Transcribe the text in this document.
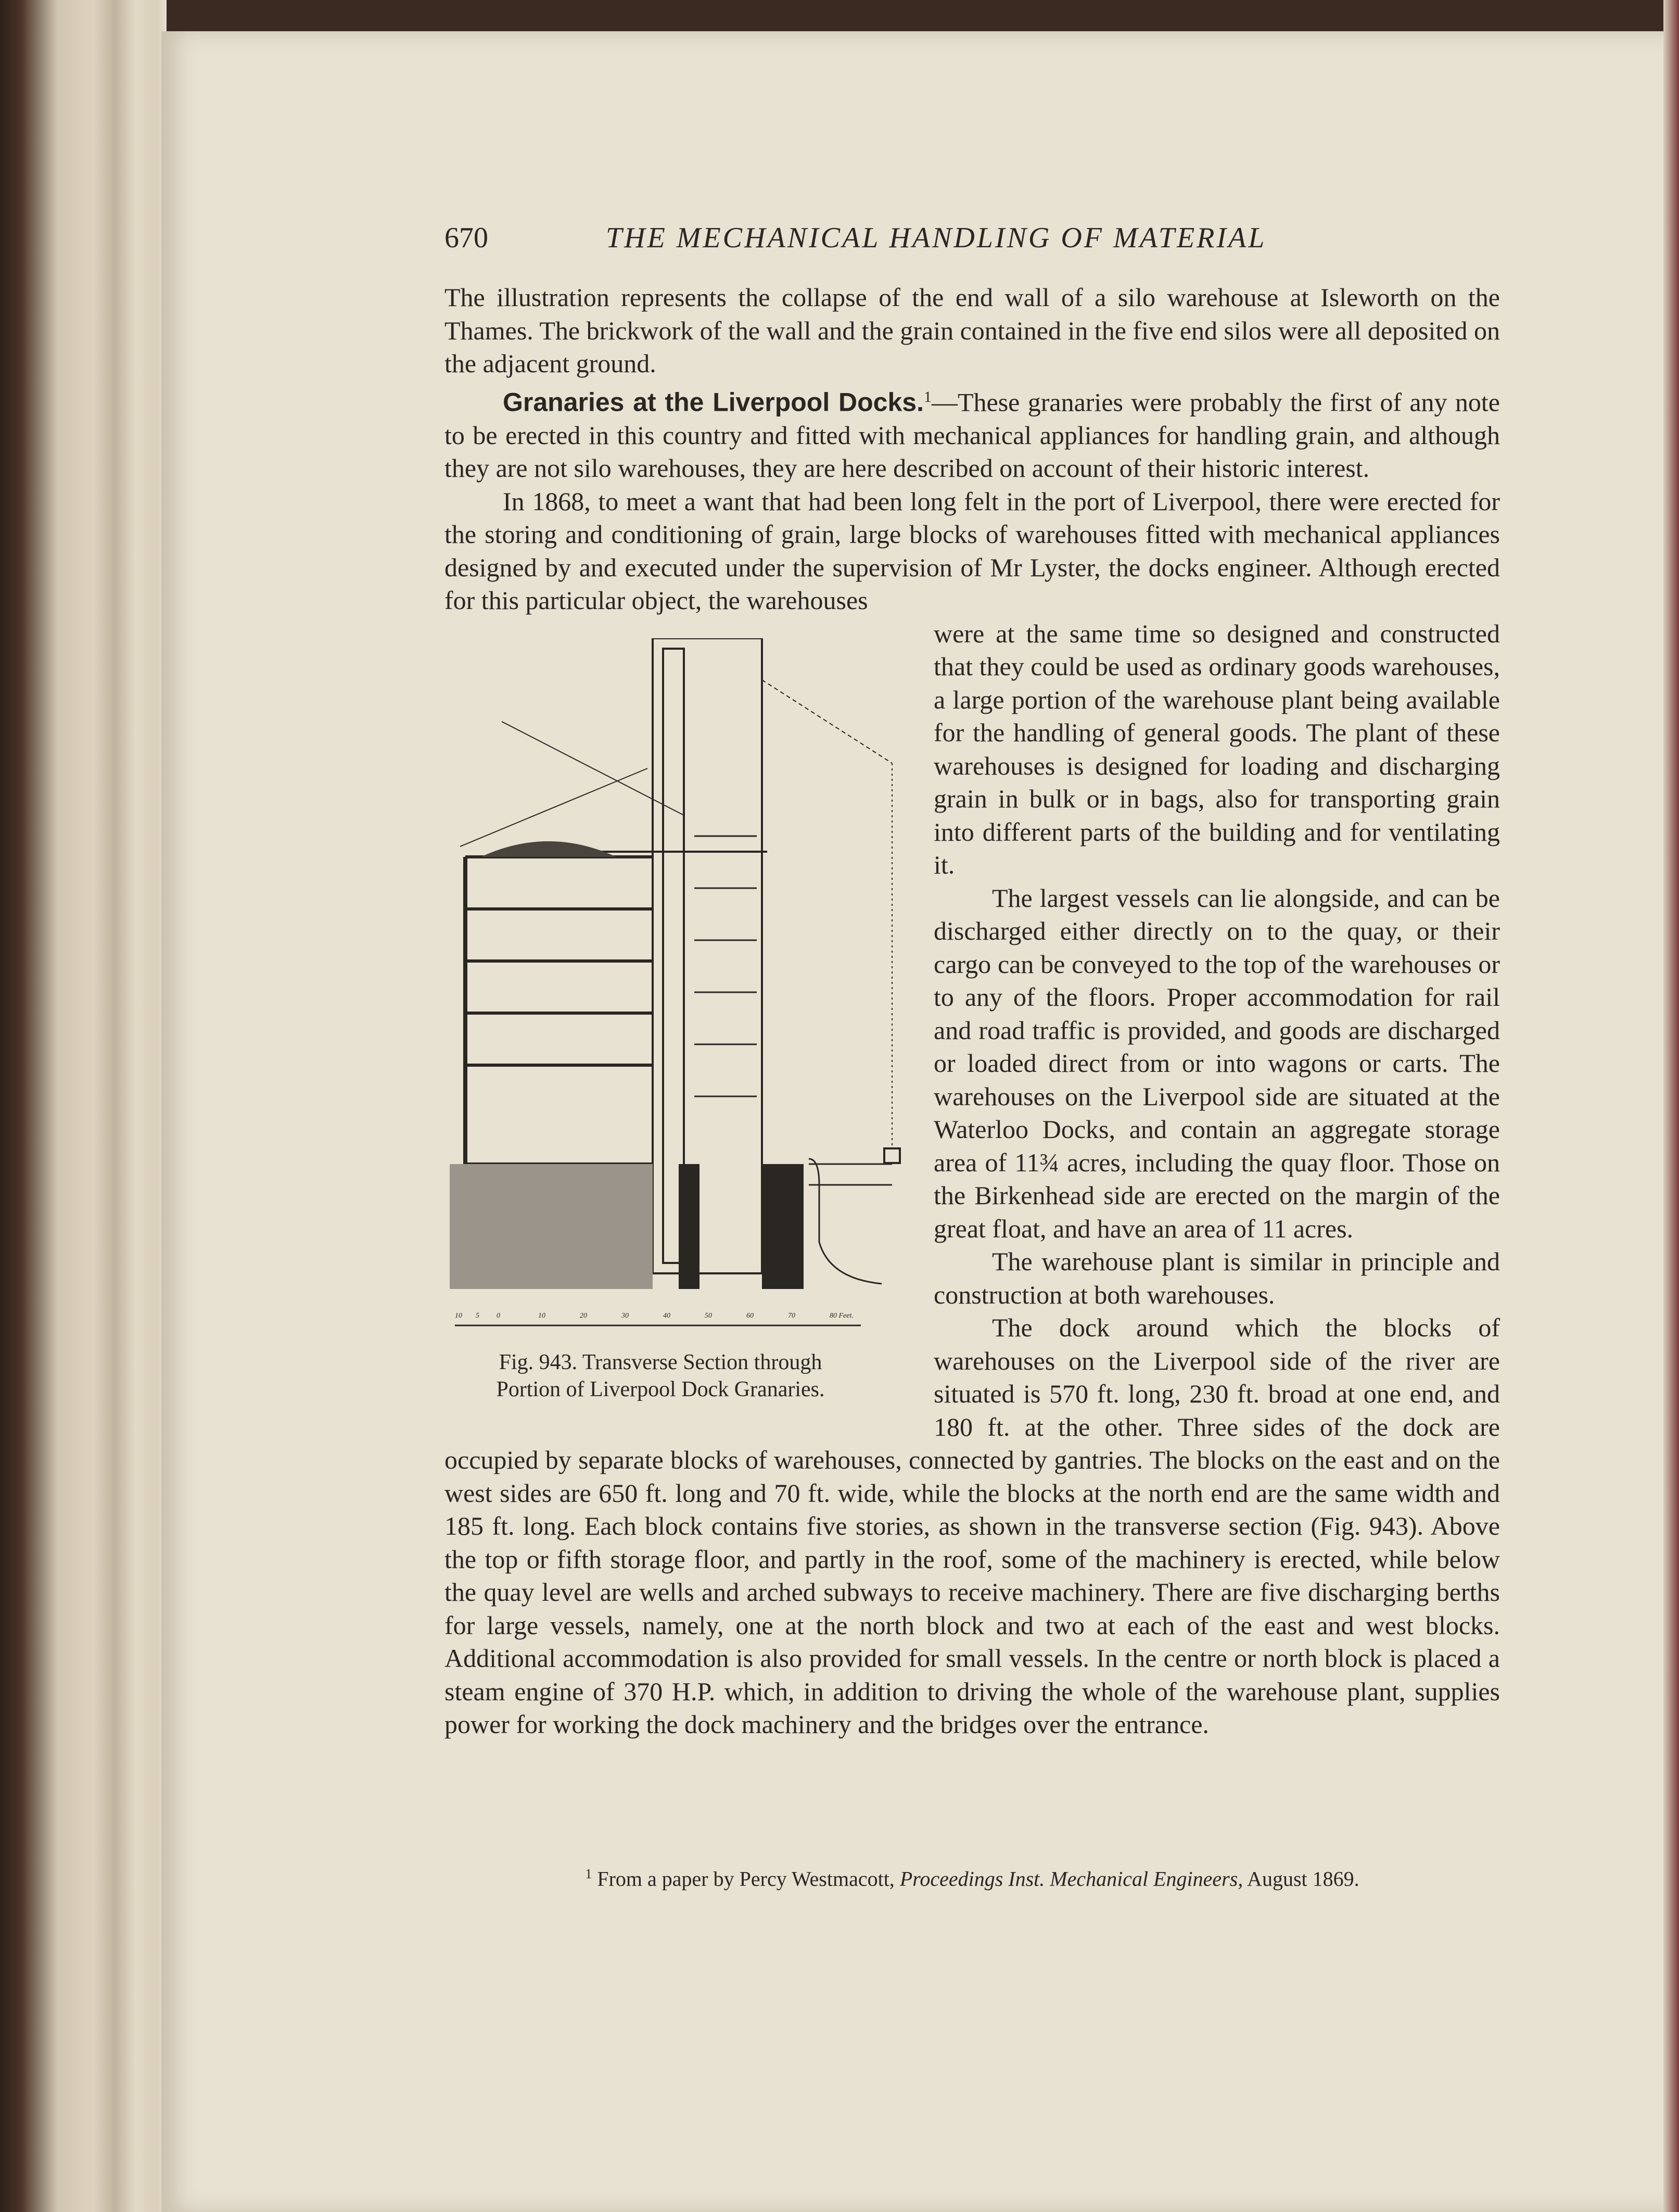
670	THE MECHANICAL HANDLING OF MATERIAL

The illustration represents the collapse of the end wall of a silo warehouse at Isleworth on the Thames. The brickwork of the wall and the grain contained in the five end silos were all deposited on the adjacent ground.

Granaries at the Liverpool Docks.$^1$—These granaries were probably the first of any note to be erected in this country and fitted with mechanical appliances for handling grain, and although they are not silo warehouses, they are here described on account of their historic interest.

In 1868, to meet a want that had been long felt in the port of Liverpool, there were erected for the storing and conditioning of grain, large blocks of warehouses fitted with mechanical appliances designed by and executed under the supervision of Mr Lyster, the docks engineer. Although erected for this particular object, the warehouses

10 5 0	10	20	30	40	50	60	70	80 Feet.
Fig. 943. Transverse Section through
Portion of Liverpool Dock Granaries.

were at the same time so designed and constructed that they could be used as ordinary goods warehouses, a large portion of the warehouse plant being available for the handling of general goods. The plant of these warehouses is designed for loading and discharging grain in bulk or in bags, also for transporting grain into different parts of the building and for ventilating it.

The largest vessels can lie alongside, and can be discharged either directly on to the quay, or their cargo can be conveyed to the top of the warehouses or to any of the floors. Proper accommodation for rail and road traffic is provided, and goods are discharged or loaded direct from or into wagons or carts. The warehouses on the Liverpool side are situated at the Waterloo Docks, and contain an aggregate storage area of 11¾ acres, including the quay floor. Those on the Birkenhead side are erected on the margin of the great float, and have an area of 11 acres.

The warehouse plant is similar in principle and construction at both warehouses.

The dock around which the blocks of warehouses on the Liverpool side of the river are situated is 570 ft. long, 230 ft. broad at one end, and 180 ft. at the other. Three sides of the dock are occupied by separate blocks of warehouses, connected by gantries. The blocks on the east and on the west sides are 650 ft. long and 70 ft. wide, while the blocks at the north end are the same width and 185 ft. long. Each block contains five stories, as shown in the transverse section (Fig. 943). Above the top or fifth storage floor, and partly in the roof, some of the machinery is erected, while below the quay level are wells and arched subways to receive machinery. There are five discharging berths for large vessels, namely, one at the north block and two at each of the east and west blocks. Additional accommodation is also provided for small vessels. In the centre or north block is placed a steam engine of 370 H.P. which, in addition to driving the whole of the warehouse plant, supplies power for working the dock machinery and the bridges over the entrance.

$^1$ From a paper by Percy Westmacott, Proceedings Inst. Mechanical Engineers, August 1869.
